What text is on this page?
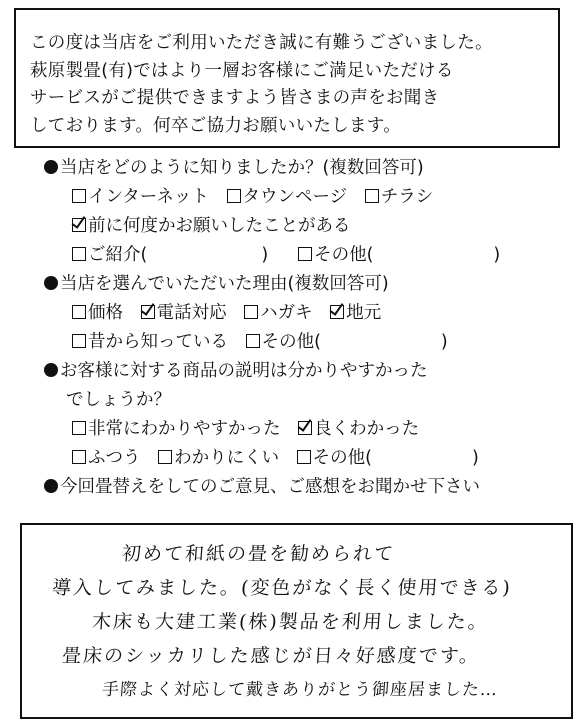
この度は当店をご利用いただき誠に有難うございました。
萩原製畳(有)ではより一層お客様にご満足いただける
サービスがご提供できますよう皆さまの声をお聞き
しております。何卒ご協力お願いいたします。
当店をどのように知りましたか？(複数回答可)
インターネット タウンページ チラシ
前に何度かお願いしたことがある
ご紹介(	)	その他(	)
当店を選んでいただいた理由(複数回答可)
価格 電話対応 ハガキ 地元
昔から知っている その他(	)
お客様に対する商品の説明は分かりやすかった
でしょうか？
非常にわかりやすかった 良くわかった
ふつう わかりにくい その他(	)
今回畳替えをしてのご意見、ご感想をお聞かせ下さい
初めて和紙の畳を勧められて
導入してみました。(変色がなく長く使用できる)
木床も大建工業(株)製品を利用しました。
畳床のシッカリした感じが日々好感度です。
手際よく対応して戴きありがとう御座居ました…
